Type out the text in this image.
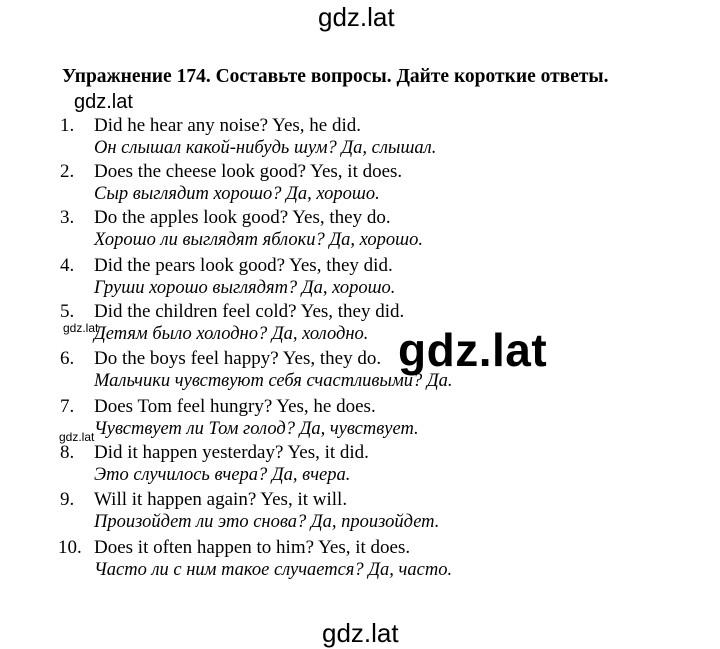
gdz.lat
Упражнение 174. Составьте вопросы. Дайте короткие ответы.
gdz.lat
1. Did he hear any noise? Yes, he did.
Он слышал какой-нибудь шум? Да, слышал.
2. Does the cheese look good? Yes, it does.
Сыр выглядит хорошо? Да, хорошо.
3. Do the apples look good? Yes, they do.
Хорошо ли выглядят яблоки? Да, хорошо.
4. Did the pears look good? Yes, they did.
Груши хорошо выглядят? Да, хорошо.
5. Did the children feel cold? Yes, they did.
Детям было холодно? Да, холодно.
6. Do the boys feel happy? Yes, they do.
Мальчики чувствуют себя счастливыми? Да.
7. Does Tom feel hungry? Yes, he does.
Чувствует ли Том голод? Да, чувствует.
8. Did it happen yesterday? Yes, it did.
Это случилось вчера? Да, вчера.
9. Will it happen again? Yes, it will.
Произойдет ли это снова? Да, произойдет.
10. Does it often happen to him? Yes, it does.
Часто ли с ним такое случается? Да, часто.
gdz.lat
gdz.lat
gdz.lat
gdz.lat
